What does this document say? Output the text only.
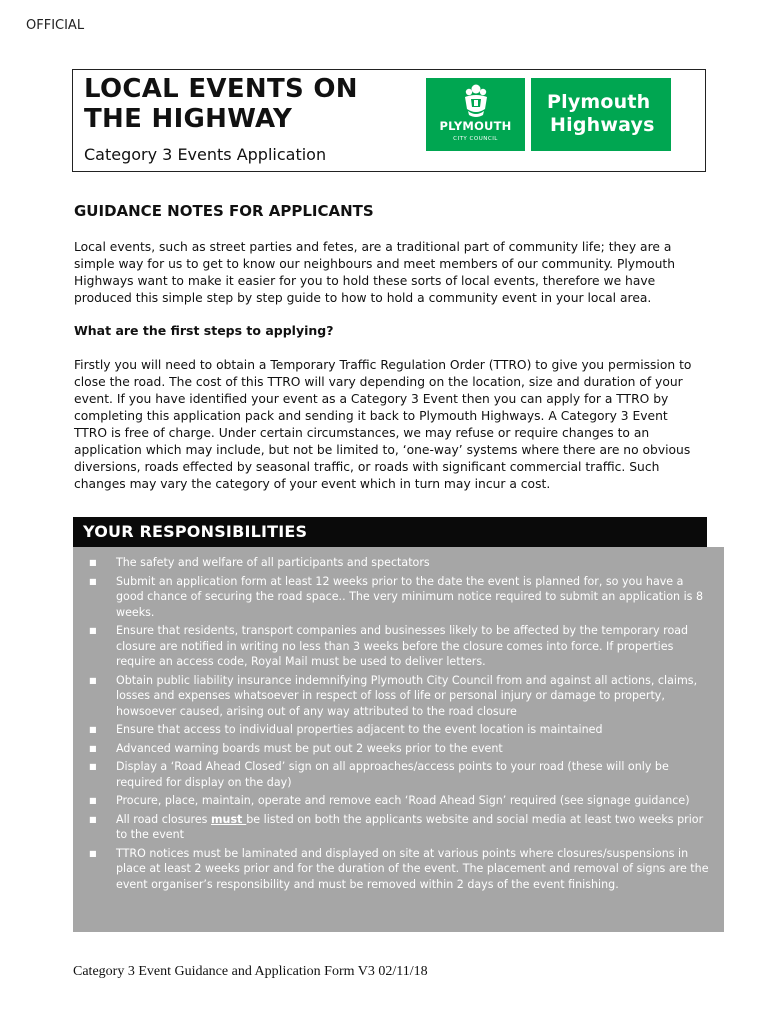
OFFICIAL
LOCAL EVENTS ON
THE HIGHWAY
Category 3 Events Application
PLYMOUTH
CITY COUNCIL
Plymouth
Highways
GUIDANCE NOTES FOR APPLICANTS

Local events, such as street parties and fetes, are a traditional part of community life; they are a simple way for us to get to know our neighbours and meet members of our community. Plymouth Highways want to make it easier for you to hold these sorts of local events, therefore we have produced this simple step by step guide to how to hold a community event in your local area.

What are the first steps to applying?

Firstly you will need to obtain a Temporary Traffic Regulation Order (TTRO) to give you permission to close the road. The cost of this TTRO will vary depending on the location, size and duration of your event. If you have identified your event as a Category 3 Event then you can apply for a TTRO by completing this application pack and sending it back to Plymouth Highways. A Category 3 Event TTRO is free of charge. Under certain circumstances, we may refuse or require changes to an application which may include, but not be limited to, ‘one-way’ systems where there are no obvious diversions, roads effected by seasonal traffic, or roads with significant commercial traffic. Such changes may vary the category of your event which in turn may incur a cost.

YOUR RESPONSIBILITIES
■ The safety and welfare of all participants and spectators
■ Submit an application form at least 12 weeks prior to the date the event is planned for, so you have a good chance of securing the road space.. The very minimum notice required to submit an application is 8 weeks.
■ Ensure that residents, transport companies and businesses likely to be affected by the temporary road closure are notified in writing no less than 3 weeks before the closure comes into force. If properties require an access code, Royal Mail must be used to deliver letters.
■ Obtain public liability insurance indemnifying Plymouth City Council from and against all actions, claims, losses and expenses whatsoever in respect of loss of life or personal injury or damage to property, howsoever caused, arising out of any way attributed to the road closure
■ Ensure that access to individual properties adjacent to the event location is maintained
■ Advanced warning boards must be put out 2 weeks prior to the event
■ Display a ‘Road Ahead Closed’ sign on all approaches/access points to your road (these will only be required for display on the day)
■ Procure, place, maintain, operate and remove each ‘Road Ahead Sign’ required (see signage guidance)
■ All road closures must be listed on both the applicants website and social media at least two weeks prior to the event
■ TTRO notices must be laminated and displayed on site at various points where closures/suspensions in place at least 2 weeks prior and for the duration of the event. The placement and removal of signs are the event organiser’s responsibility and must be removed within 2 days of the event finishing.
Category 3 Event Guidance and Application Form V3 02/11/18
